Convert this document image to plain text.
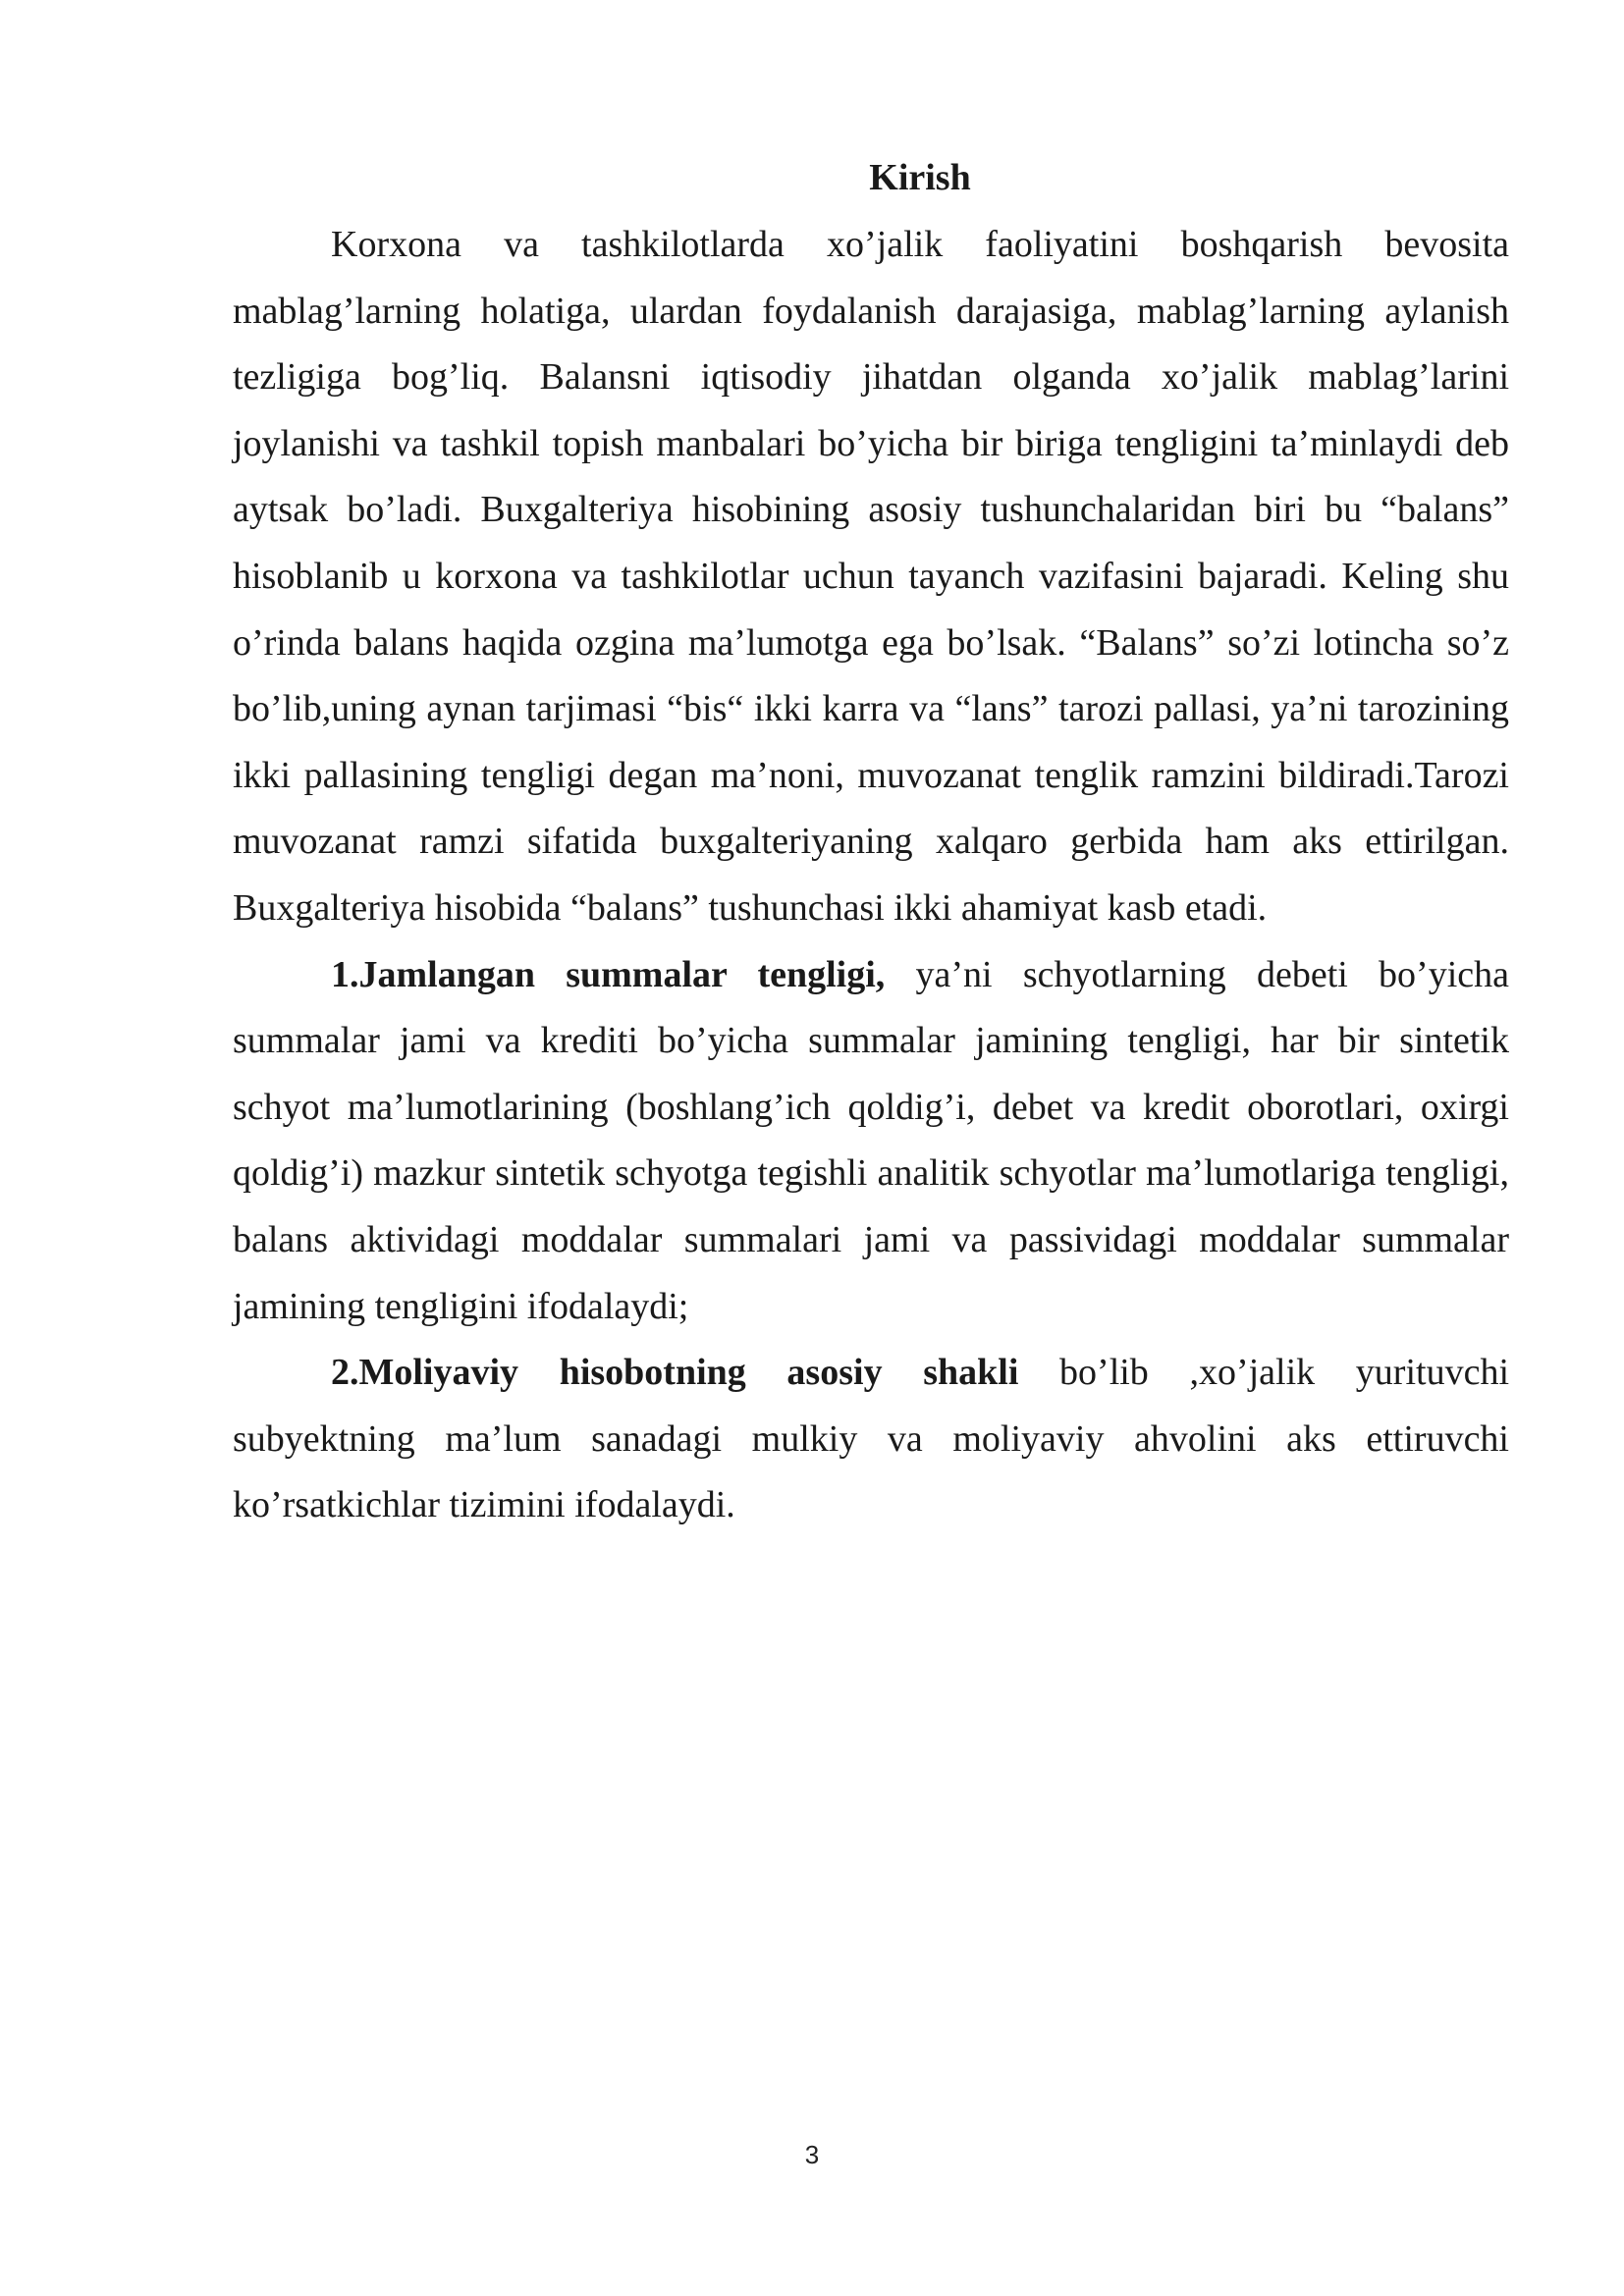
Kirish

Korxona va tashkilotlarda xo’jalik faoliyatini boshqarish bevosita mablag’larning holatiga, ulardan foydalanish darajasiga, mablag’larning aylanish tezligiga bog’liq. Balansni iqtisodiy jihatdan olganda xo’jalik mablag’larini joylanishi va tashkil topish manbalari bo’yicha bir biriga tengligini ta’minlaydi deb aytsak bo’ladi. Buxgalteriya hisobining asosiy tushunchalaridan biri bu “balans” hisoblanib u korxona va tashkilotlar uchun tayanch vazifasini bajaradi. Keling shu o’rinda balans haqida ozgina ma’lumotga ega bo’lsak. “Balans” so’zi lotincha so’z bo’lib,uning aynan tarjimasi “bis“ ikki karra va “lans” tarozi pallasi, ya’ni tarozining ikki pallasining tengligi degan ma’noni, muvozanat tenglik ramzini bildiradi.Tarozi muvozanat ramzi sifatida buxgalteriyaning xalqaro gerbida ham aks ettirilgan. Buxgalteriya hisobida “balans” tushunchasi ikki ahamiyat kasb etadi.

1.Jamlangan summalar tengligi, ya’ni schyotlarning debeti bo’yicha summalar jami va krediti bo’yicha summalar jamining tengligi, har bir sintetik schyot ma’lumotlarining (boshlang’ich qoldig’i, debet va kredit oborotlari, oxirgi qoldig’i) mazkur sintetik schyotga tegishli analitik schyotlar ma’lumotlariga tengligi, balans aktividagi moddalar summalari jami va passividagi moddalar summalar jamining tengligini ifodalaydi;

2.Moliyaviy hisobotning asosiy shakli bo’lib ,xo’jalik yurituvchi subyektning ma’lum sanadagi mulkiy va moliyaviy ahvolini aks ettiruvchi ko’rsatkichlar tizimini ifodalaydi.

3
